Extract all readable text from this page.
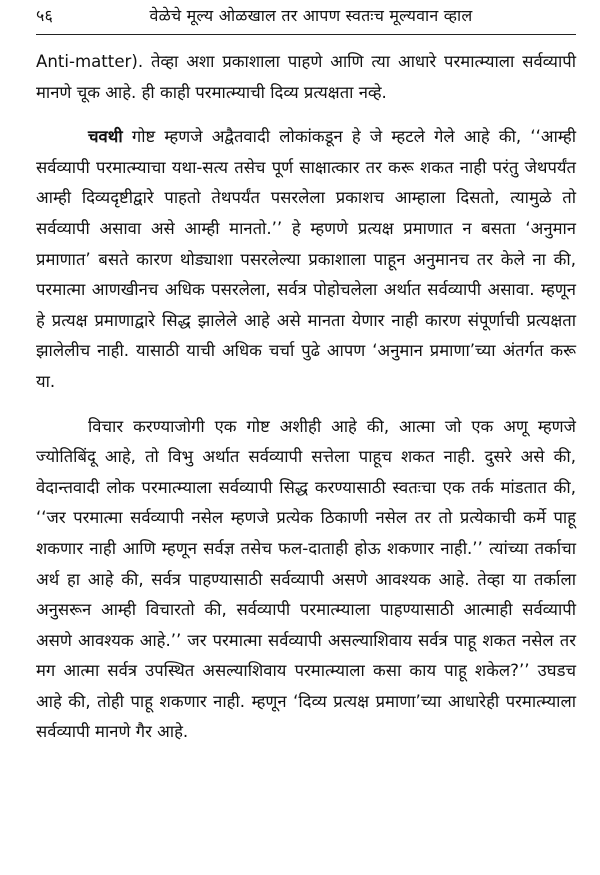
५६	वेळेचे मूल्य ओळखाल तर आपण स्वतःच मूल्यवान व्हाल

Anti-matter). तेव्हा अशा प्रकाशाला पाहणे आणि त्या आधारे परमात्म्याला सर्वव्यापी मानणे चूक आहे. ही काही परमात्म्याची दिव्य प्रत्यक्षता नव्हे.

चवथी गोष्ट म्हणजे अद्वैतवादी लोकांकडून हे जे म्हटले गेले आहे की, ‘‘आम्ही सर्वव्यापी परमात्म्याचा यथा-सत्य तसेच पूर्ण साक्षात्कार तर करू शकत नाही परंतु जेथपर्यंत आम्ही दिव्यदृष्टीद्वारे पाहतो तेथपर्यंत पसरलेला प्रकाशच आम्हाला दिसतो, त्यामुळे तो सर्वव्यापी असावा असे आम्ही मानतो.’’ हे म्हणणे प्रत्यक्ष प्रमाणात न बसता ‘अनुमान प्रमाणात’ बसते कारण थोड्याशा पसरलेल्या प्रकाशाला पाहून अनुमानच तर केले ना की, परमात्मा आणखीनच अधिक पसरलेला, सर्वत्र पोहोचलेला अर्थात सर्वव्यापी असावा. म्हणून हे प्रत्यक्ष प्रमाणाद्वारे सिद्ध झालेले आहे असे मानता येणार नाही कारण संपूर्णाची प्रत्यक्षता झालेलीच नाही. यासाठी याची अधिक चर्चा पुढे आपण ‘अनुमान प्रमाणा’च्या अंतर्गत करू या.

विचार करण्याजोगी एक गोष्ट अशीही आहे की, आत्मा जो एक अणू म्हणजे ज्योतिबिंदू आहे, तो विभु अर्थात सर्वव्यापी सत्तेला पाहूच शकत नाही. दुसरे असे की, वेदान्तवादी लोक परमात्म्याला सर्वव्यापी सिद्ध करण्यासाठी स्वतःचा एक तर्क मांडतात की, ‘‘जर परमात्मा सर्वव्यापी नसेल म्हणजे प्रत्येक ठिकाणी नसेल तर तो प्रत्येकाची कर्मे पाहू शकणार नाही आणि म्हणून सर्वज्ञ तसेच फल-दाताही होऊ शकणार नाही.’’ त्यांच्या तर्काचा अर्थ हा आहे की, सर्वत्र पाहण्यासाठी सर्वव्यापी असणे आवश्यक आहे. तेव्हा या तर्काला अनुसरून आम्ही विचारतो की, सर्वव्यापी परमात्म्याला पाहण्यासाठी आत्माही सर्वव्यापी असणे आवश्यक आहे.’’ जर परमात्मा सर्वव्यापी असल्याशिवाय सर्वत्र पाहू शकत नसेल तर मग आत्मा सर्वत्र उपस्थित असल्याशिवाय परमात्म्याला कसा काय पाहू शकेल?’’ उघडच आहे की, तोही पाहू शकणार नाही. म्हणून ‘दिव्य प्रत्यक्ष प्रमाणा’च्या आधारेही परमात्म्याला सर्वव्यापी मानणे गैर आहे.
